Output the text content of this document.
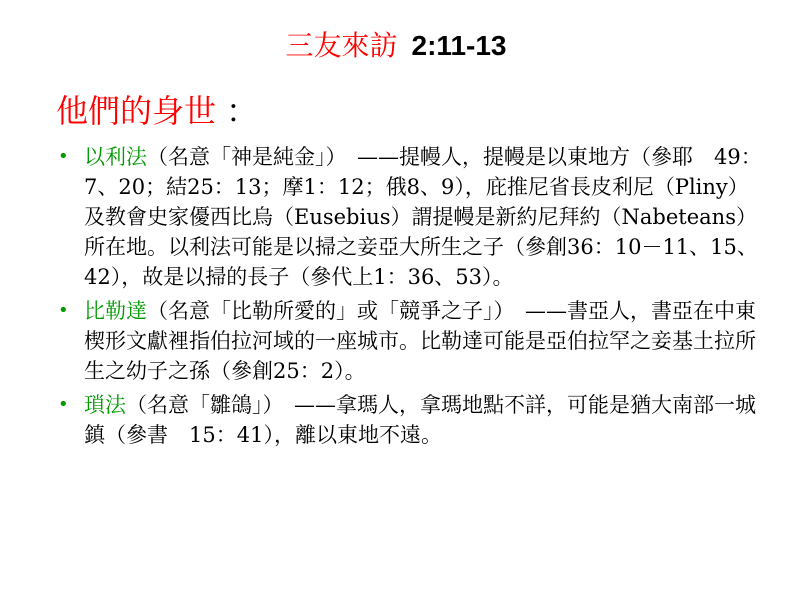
三友來訪 2:11-13
他們的身世 ：
• 以利法（名意「神是純金」）　——提幔人，提幔是以東地方（參耶　49：7、20；結25：13；摩1：12；俄8、9），庇推尼省長皮利尼（Pliny）及教會史家優西比烏（Eusebius）謂提幔是新約尼拜約（Nabeteans）所在地。以利法可能是以掃之妾亞大所生之子（參創36：10－11、15、42），故是以掃的長子（參代上1：36、53）。
• 比勒達（名意「比勒所愛的」或「競爭之子」）　——書亞人，書亞在中東楔形文獻裡指伯拉河域的一座城市。比勒達可能是亞伯拉罕之妾基土拉所生之幼子之孫（參創25：2）。
• 瑣法（名意「雛鴿」）　——拿瑪人，拿瑪地點不詳，可能是猶大南部一城鎮（參書　15：41），離以東地不遠。
